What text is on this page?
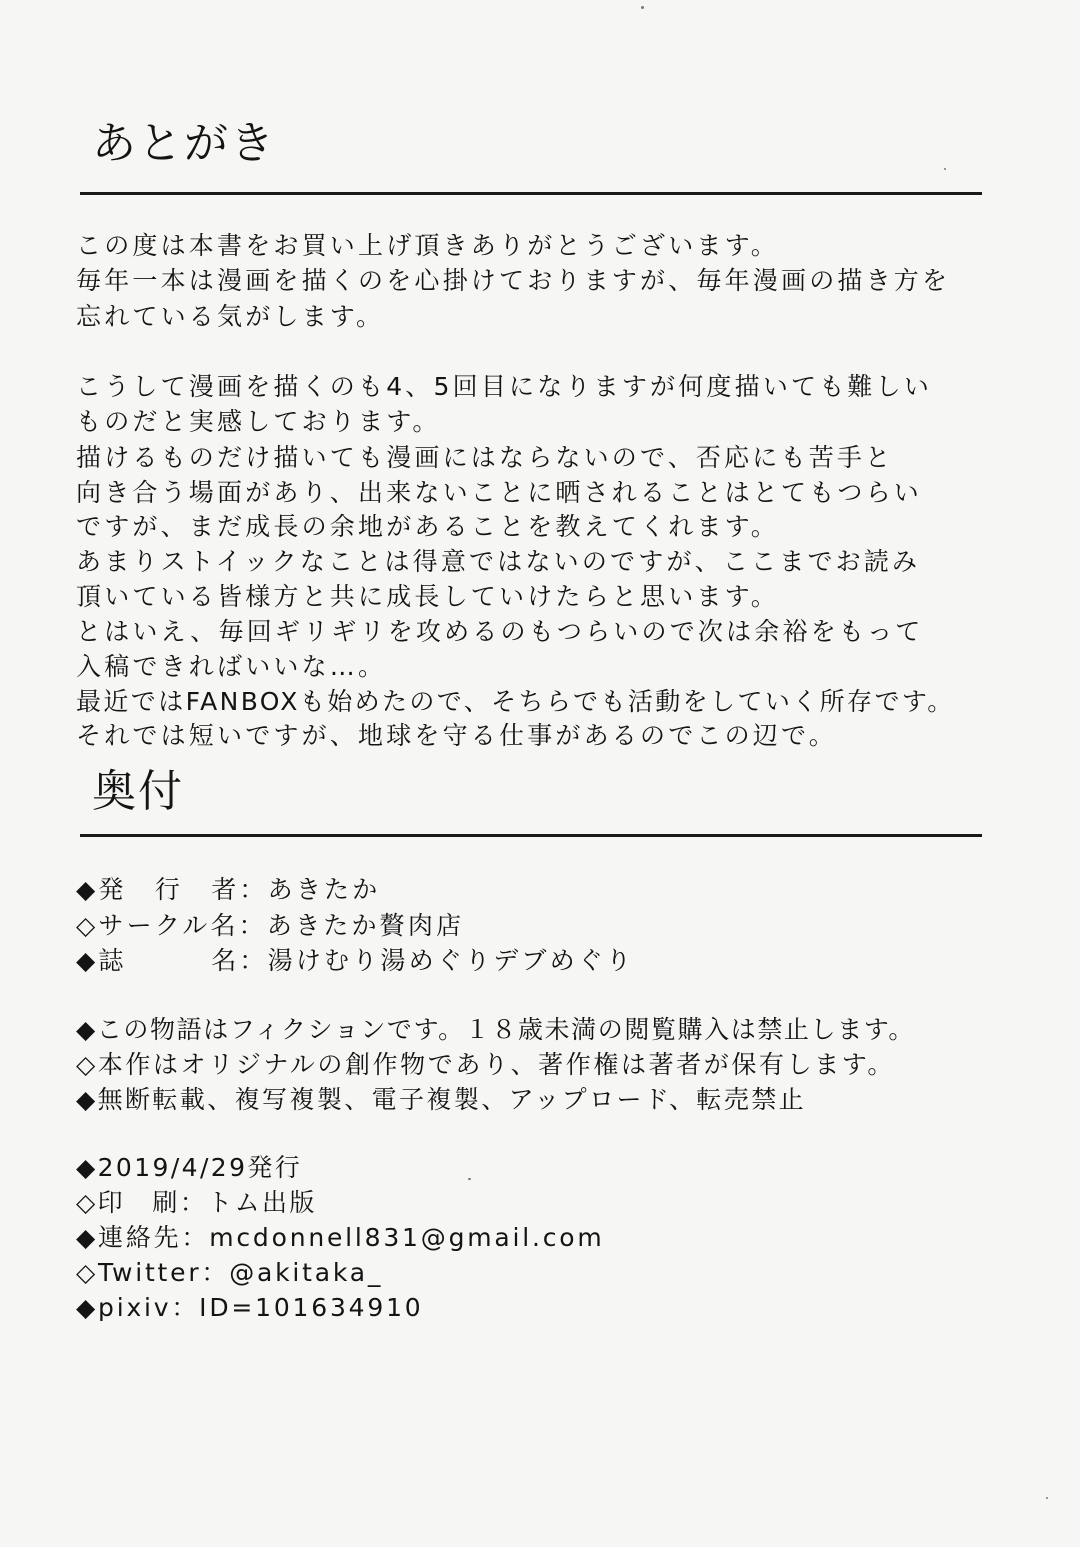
あとがき
この度は本書をお買い上げ頂きありがとうございます。
毎年一本は漫画を描くのを心掛けておりますが、毎年漫画の描き方を
忘れている気がします。
こうして漫画を描くのも4、5回目になりますが何度描いても難しい
ものだと実感しております。
描けるものだけ描いても漫画にはならないので、否応にも苦手と
向き合う場面があり、出来ないことに晒されることはとてもつらい
ですが、まだ成長の余地があることを教えてくれます。
あまりストイックなことは得意ではないのですが、ここまでお読み
頂いている皆様方と共に成長していけたらと思います。
とはいえ、毎回ギリギリを攻めるのもつらいので次は余裕をもって
入稿できればいいな…。
最近ではFANBOXも始めたので、そちらでも活動をしていく所存です。
それでは短いですが、地球を守る仕事があるのでこの辺で。
奥付
◆発　行　者：あきたか
◇サークル名：あきたか贅肉店
◆誌　　　名：湯けむり湯めぐりデブめぐり
◆この物語はフィクションです。１８歳未満の閲覧購入は禁止します。
◇本作はオリジナルの創作物であり、著作権は著者が保有します。
◆無断転載、複写複製、電子複製、アップロード、転売禁止
◆2019/4/29発行
◇印　刷：トム出版
◆連絡先：mcdonnell831@gmail.com
◇Twitter：@akitaka_
◆pixiv：ID=101634910
